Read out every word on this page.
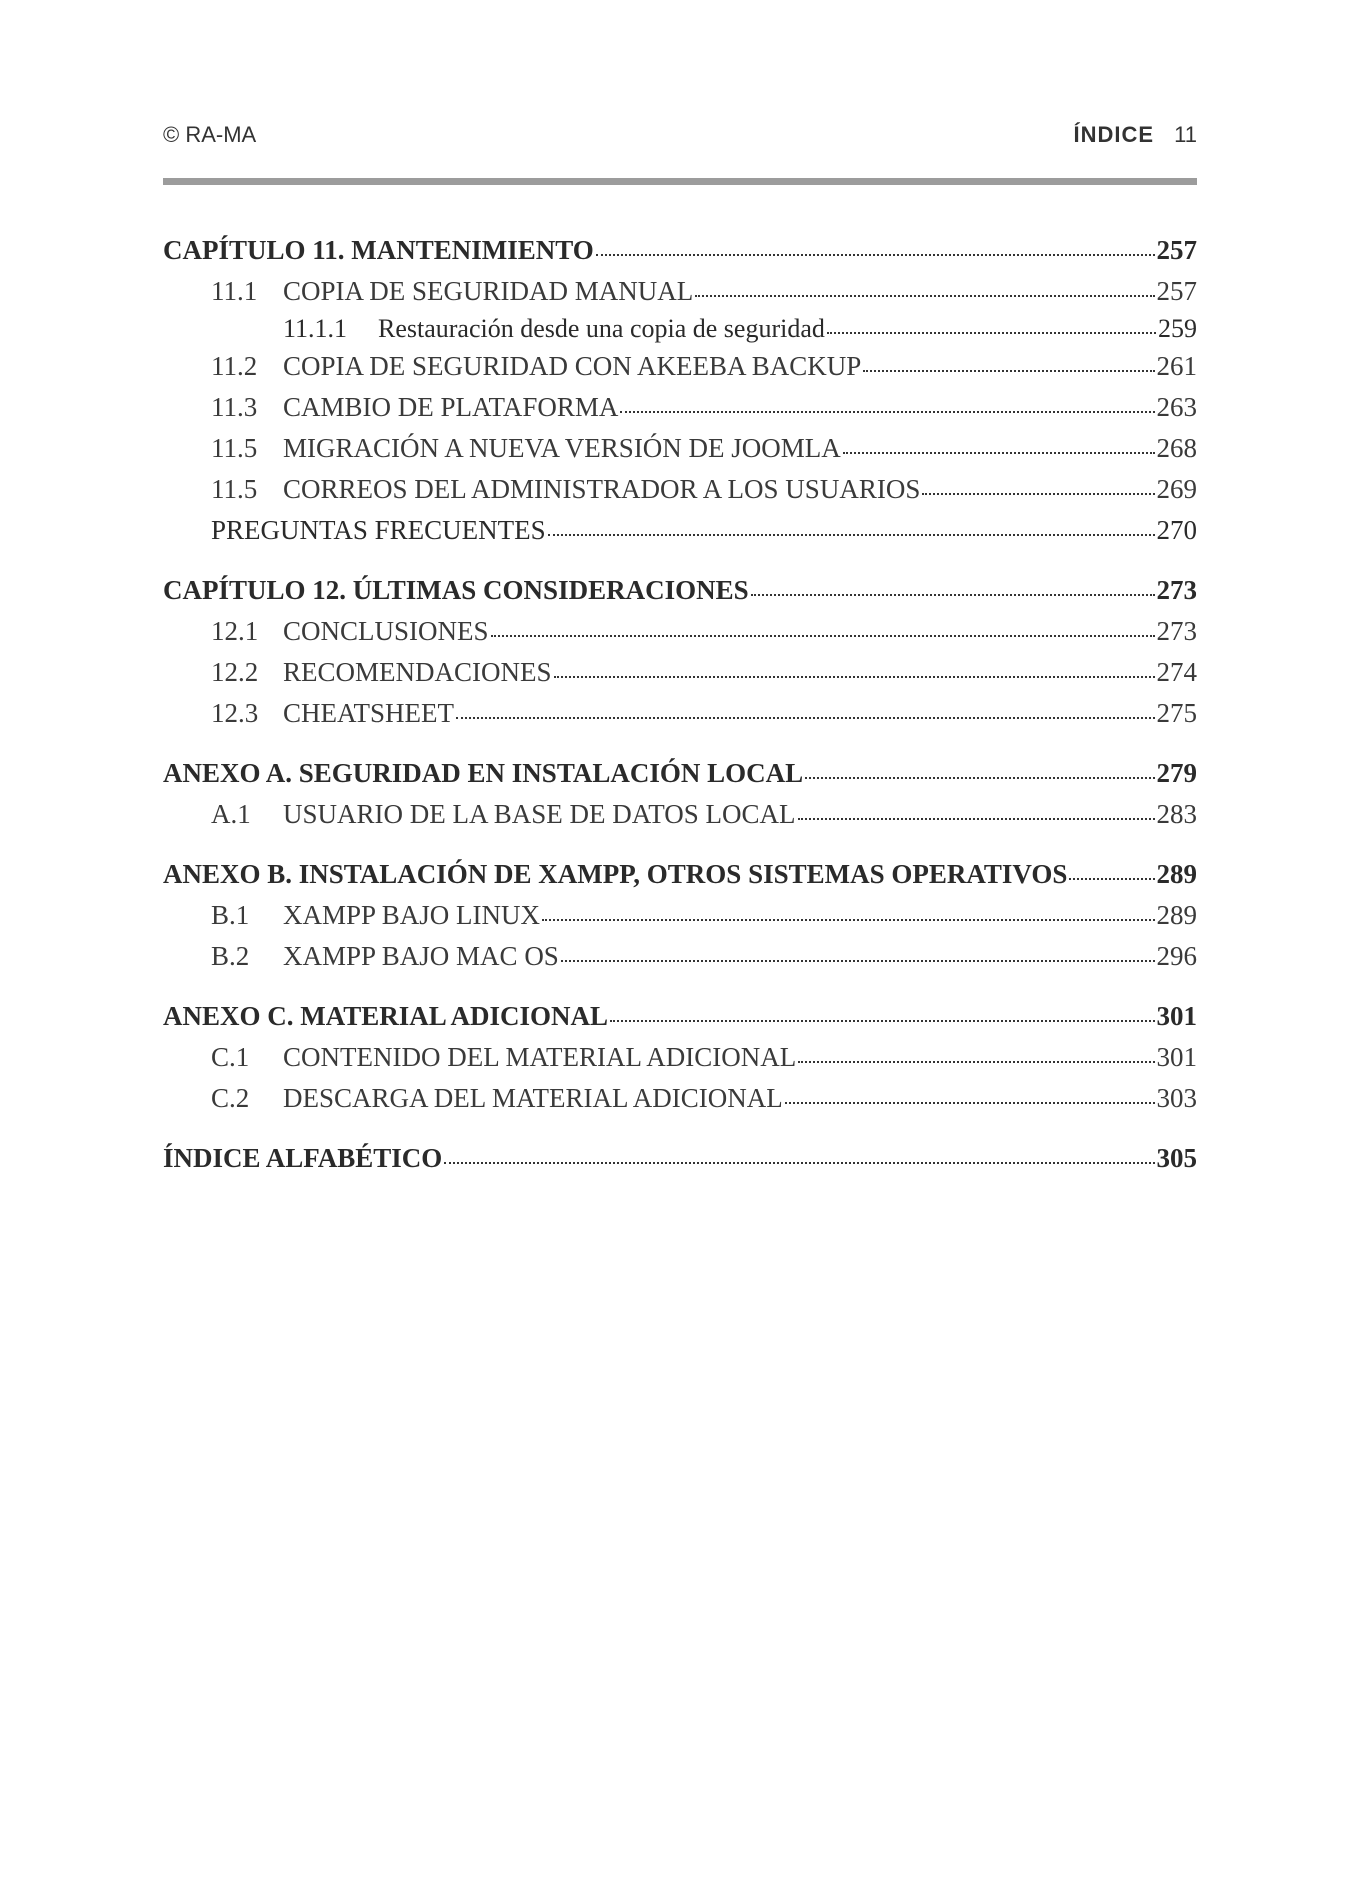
© RA-MA	ÍNDICE 11
CAPÍTULO 11. MANTENIMIENTO	257
11.1 COPIA DE SEGURIDAD MANUAL	257
11.1.1	Restauración desde una copia de seguridad	259
11.2 COPIA DE SEGURIDAD CON AKEEBA BACKUP	261
11.3 CAMBIO DE PLATAFORMA	263
11.5 MIGRACIÓN A NUEVA VERSIÓN DE JOOMLA	268
11.5 CORREOS DEL ADMINISTRADOR A LOS USUARIOS	269
PREGUNTAS FRECUENTES	270
CAPÍTULO 12. ÚLTIMAS CONSIDERACIONES	273
12.1 CONCLUSIONES	273
12.2 RECOMENDACIONES	274
12.3 CHEATSHEET	275
ANEXO A. SEGURIDAD EN INSTALACIÓN LOCAL	279
A.1	USUARIO DE LA BASE DE DATOS LOCAL	283
ANEXO B. INSTALACIÓN DE XAMPP, OTROS SISTEMAS OPERATIVOS	289
B.1	XAMPP BAJO LINUX	289
B.2	XAMPP BAJO MAC OS	296
ANEXO C. MATERIAL ADICIONAL	301
C.1	CONTENIDO DEL MATERIAL ADICIONAL	301
C.2	DESCARGA DEL MATERIAL ADICIONAL	303
ÍNDICE ALFABÉTICO	305
